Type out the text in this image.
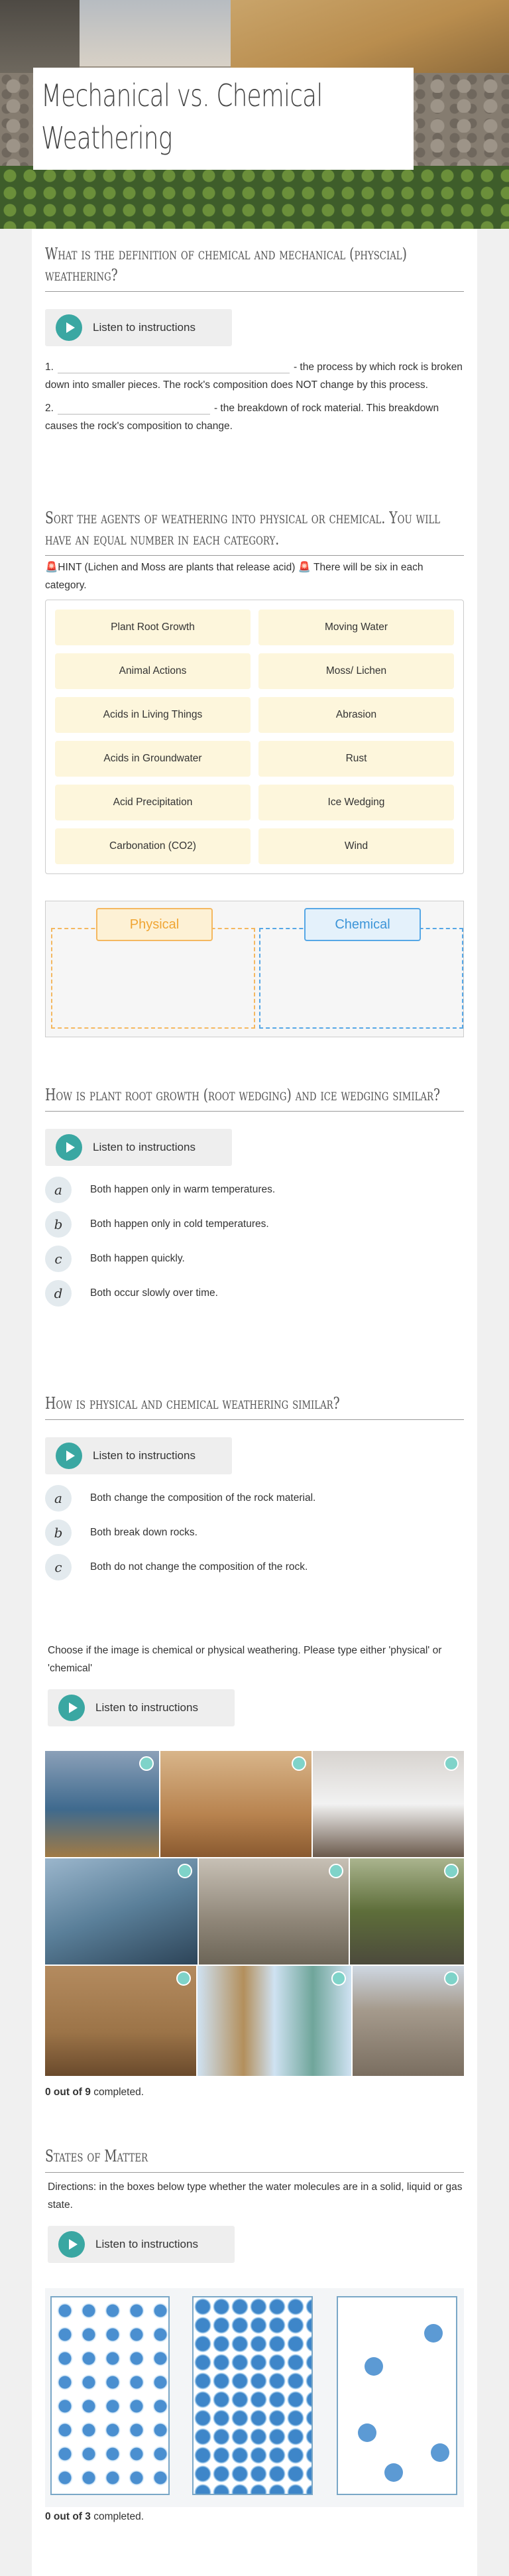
Mechanical vs. Chemical Weathering
What is the definition of chemical and mechanical (physcial) weathering?
Listen to instructions
1.	- the process by which rock is broken down into smaller pieces. The rock's composition does NOT change by this process.
2.	- the breakdown of rock material. This breakdown causes the rock's composition to change.
Sort the agents of weathering into physical or chemical. You will have an equal number in each category.
🚨HINT (Lichen and Moss are plants that release acid) 🚨 There will be six in each category.
Plant Root Growth	Moving Water
Animal Actions	Moss/ Lichen
Acids in Living Things	Abrasion
Acids in Groundwater	Rust
Acid Precipitation	Ice Wedging
Carbonation (CO2)	Wind
Physical	Chemical
How is plant root growth (root wedging) and ice wedging similar?
Listen to instructions
a	Both happen only in warm temperatures.
b	Both happen only in cold temperatures.
c	Both happen quickly.
d	Both occur slowly over time.
How is physical and chemical weathering similar?
Listen to instructions
a	Both change the composition of the rock material.
b	Both break down rocks.
c	Both do not change the composition of the rock.
Choose if the image is chemical or physical weathering. Please type either 'physical' or 'chemical'
Listen to instructions
0 out of 9 completed.
States of Matter
Directions: in the boxes below type whether the water molecules are in a solid, liquid or gas state.
Listen to instructions
0 out of 3 completed.
